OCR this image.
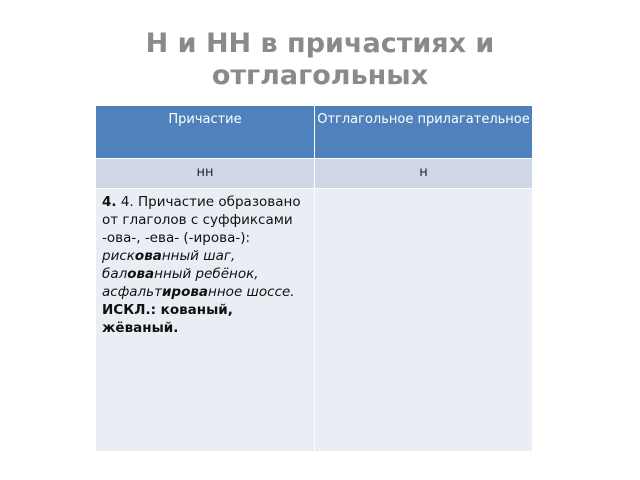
Н и НН в причастиях и отглагольных
Причастие	Отглагольное прилагательное

нн	н

4. 4. Причастие образовано от глаголов с суффиксами -ова-, -ева- (-ирова-):
рискованный шаг,
балованный ребёнок,
асфальтированное шоссе.
ИСКЛ.: кованый, жёваный.	
